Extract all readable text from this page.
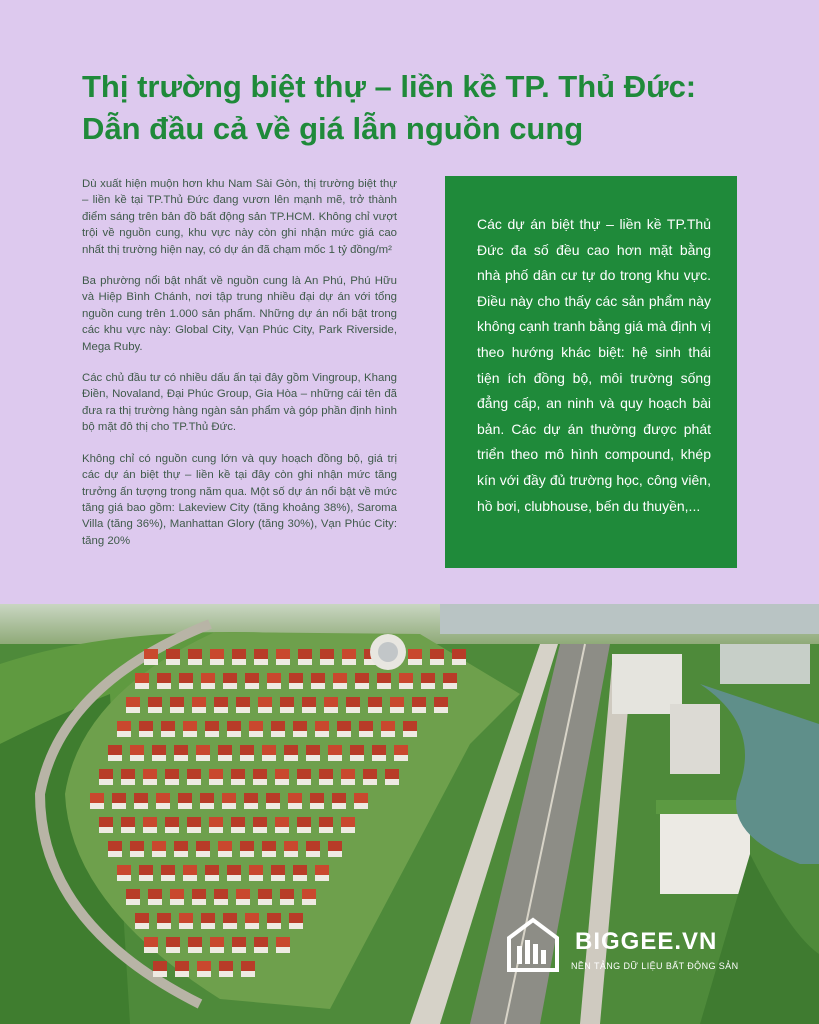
Thị trường biệt thự – liền kề TP. Thủ Đức:
Dẫn đầu cả về giá lẫn nguồn cung

Dù xuất hiện muộn hơn khu Nam Sài Gòn, thị trường biệt thự – liền kề tại TP.Thủ Đức đang vươn lên mạnh mẽ, trở thành điểm sáng trên bản đồ bất động sản TP.HCM. Không chỉ vượt trội về nguồn cung, khu vực này còn ghi nhận mức giá cao nhất thị trường hiện nay, có dự án đã chạm mốc 1 tỷ đồng/m²

Ba phường nổi bật nhất về nguồn cung là An Phú, Phú Hữu và Hiệp Bình Chánh, nơi tập trung nhiều đại dự án với tổng nguồn cung trên 1.000 sản phẩm. Những dự án nổi bật trong các khu vực này: Global City, Vạn Phúc City, Park Riverside, Mega Ruby.

Các chủ đầu tư có nhiều dấu ấn tại đây gồm Vingroup, Khang Điền, Novaland, Đại Phúc Group, Gia Hòa – những cái tên đã đưa ra thị trường hàng ngàn sản phẩm và góp phần định hình bộ mặt đô thị cho TP.Thủ Đức.

Không chỉ có nguồn cung lớn và quy hoạch đồng bộ, giá trị các dự án biệt thự – liền kề tại đây còn ghi nhận mức tăng trưởng ấn tượng trong năm qua. Một số dự án nổi bật về mức tăng giá bao gồm: Lakeview City (tăng khoảng 38%), Saroma Villa (tăng 36%), Manhattan Glory (tăng 30%), Vạn Phúc City: tăng 20%

Các dự án biệt thự – liền kề TP.Thủ Đức đa số đều cao hơn mặt bằng nhà phố dân cư tự do trong khu vực. Điều này cho thấy các sản phẩm này không cạnh tranh bằng giá mà định vị theo hướng khác biệt: hệ sinh thái tiện ích đồng bộ, môi trường sống đẳng cấp, an ninh và quy hoạch bài bản. Các dự án thường được phát triển theo mô hình compound, khép kín với đầy đủ trường học, công viên, hồ bơi, clubhouse, bến du thuyền,...

BIGGEE.VN
NỀN TẢNG DỮ LIỆU BẤT ĐỘNG SẢN
